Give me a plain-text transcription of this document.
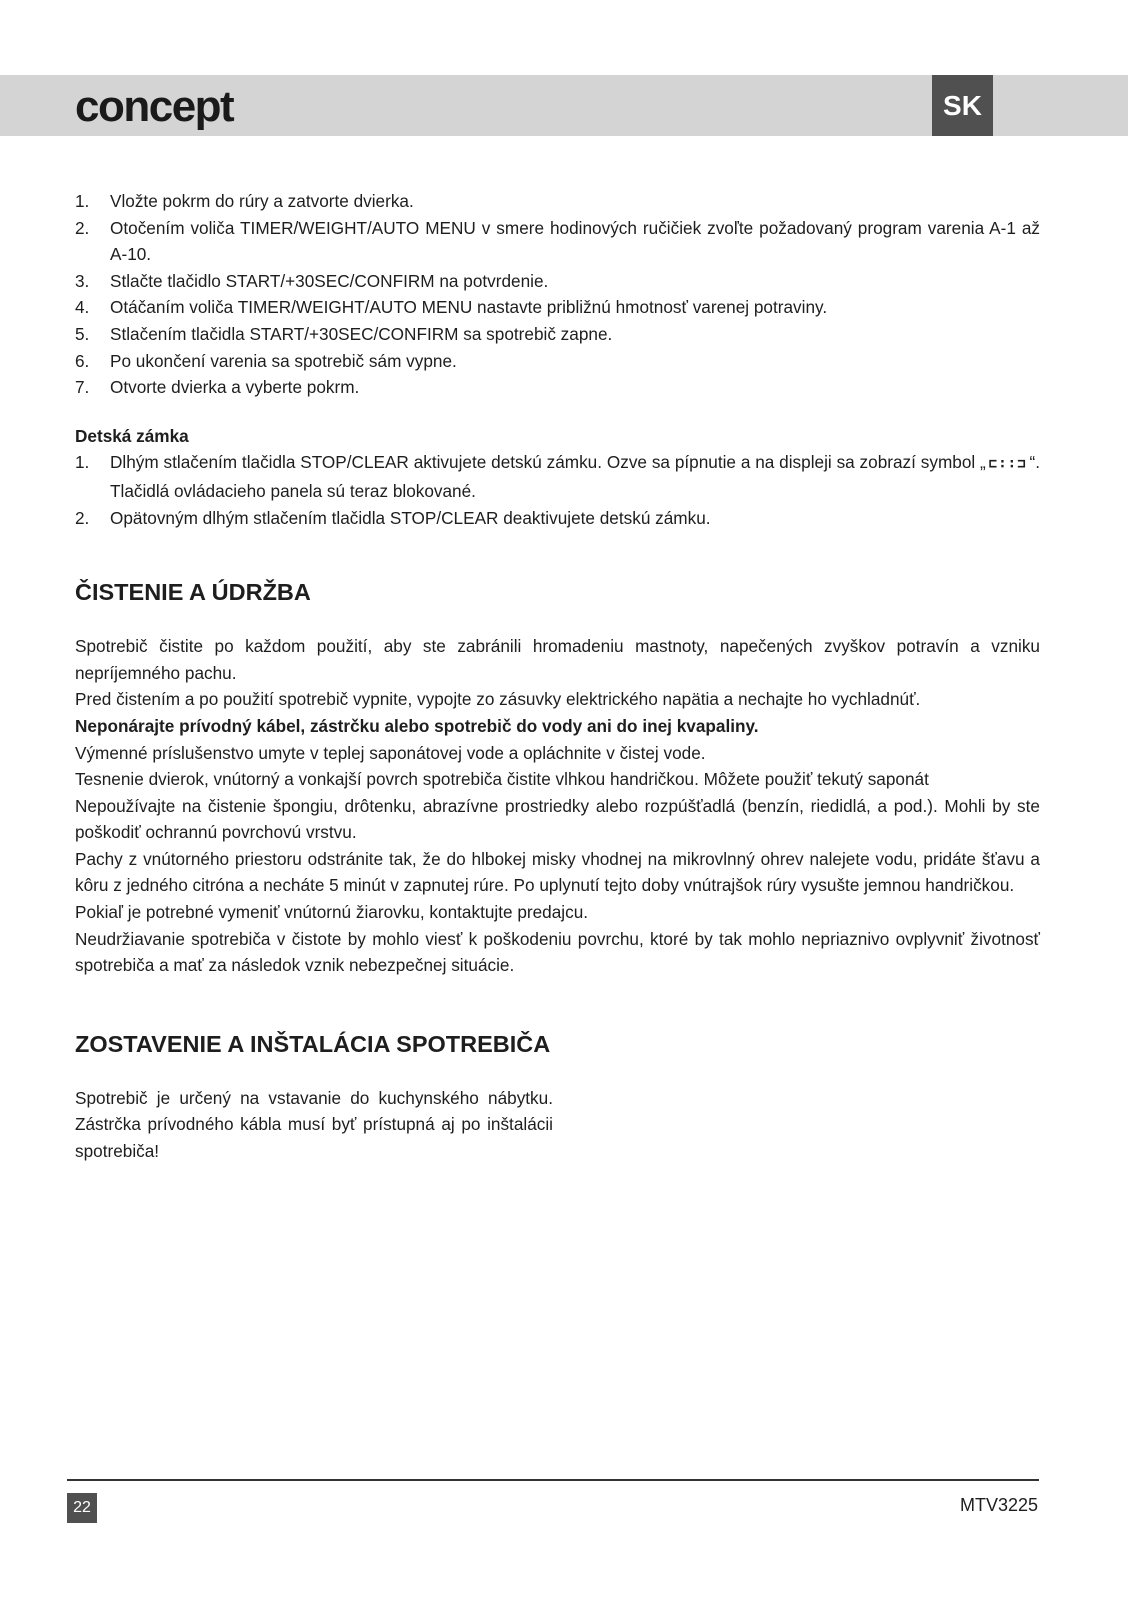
concept	SK
1. Vložte pokrm do rúry a zatvorte dvierka.
2. Otočením voliča TIMER/WEIGHT/AUTO MENU v smere hodinových ručičiek zvoľte požadovaný program varenia A-1 až A-10.
3. Stlačte tlačidlo START/+30SEC/CONFIRM na potvrdenie.
4. Otáčaním voliča TIMER/WEIGHT/AUTO MENU nastavte približnú hmotnosť varenej potraviny.
5. Stlačením tlačidla START/+30SEC/CONFIRM sa spotrebič zapne.
6. Po ukončení varenia sa spotrebič sám vypne.
7. Otvorte dvierka a vyberte pokrm.
Detská zámka
1. Dlhým stlačením tlačidla STOP/CLEAR aktivujete detskú zámku. Ozve sa pípnutie a na displeji sa zobrazí symbol „ ⊏∶∶⊐ “. Tlačidlá ovládacieho panela sú teraz blokované.
2. Opätovným dlhým stlačením tlačidla STOP/CLEAR deaktivujete detskú zámku.
ČISTENIE A ÚDRŽBA

Spotrebič čistite po každom použití, aby ste zabránili hromadeniu mastnoty, napečených zvyškov potravín a vzniku nepríjemného pachu.

Pred čistením a po použití spotrebič vypnite, vypojte zo zásuvky elektrického napätia a nechajte ho vychladnúť.

Neponárajte prívodný kábel, zástrčku alebo spotrebič do vody ani do inej kvapaliny.

Výmenné príslušenstvo umyte v teplej saponátovej vode a opláchnite v čistej vode.

Tesnenie dvierok, vnútorný a vonkajší povrch spotrebiča čistite vlhkou handričkou. Môžete použiť tekutý saponát

Nepoužívajte na čistenie špongiu, drôtenku, abrazívne prostriedky alebo rozpúšťadlá (benzín, riedidlá, a pod.). Mohli by ste poškodiť ochrannú povrchovú vrstvu.

Pachy z vnútorného priestoru odstránite tak, že do hlbokej misky vhodnej na mikrovlnný ohrev nalejete vodu, pridáte šťavu a kôru z jedného citróna a necháte 5 minút v zapnutej rúre. Po uplynutí tejto doby vnútrajšok rúry vysušte jemnou handričkou.

Pokiaľ je potrebné vymeniť vnútornú žiarovku, kontaktujte predajcu.

Neudržiavanie spotrebiča v čistote by mohlo viesť k poškodeniu povrchu, ktoré by tak mohlo nepriaznivo ovplyvniť životnosť spotrebiča a mať za následok vznik nebezpečnej situácie.

ZOSTAVENIE A INŠTALÁCIA SPOTREBIČA

Spotrebič je určený na vstavanie do kuchynského nábytku. Zástrčka prívodného kábla musí byť prístupná aj po inštalácii spotrebiča!

22	MTV3225
